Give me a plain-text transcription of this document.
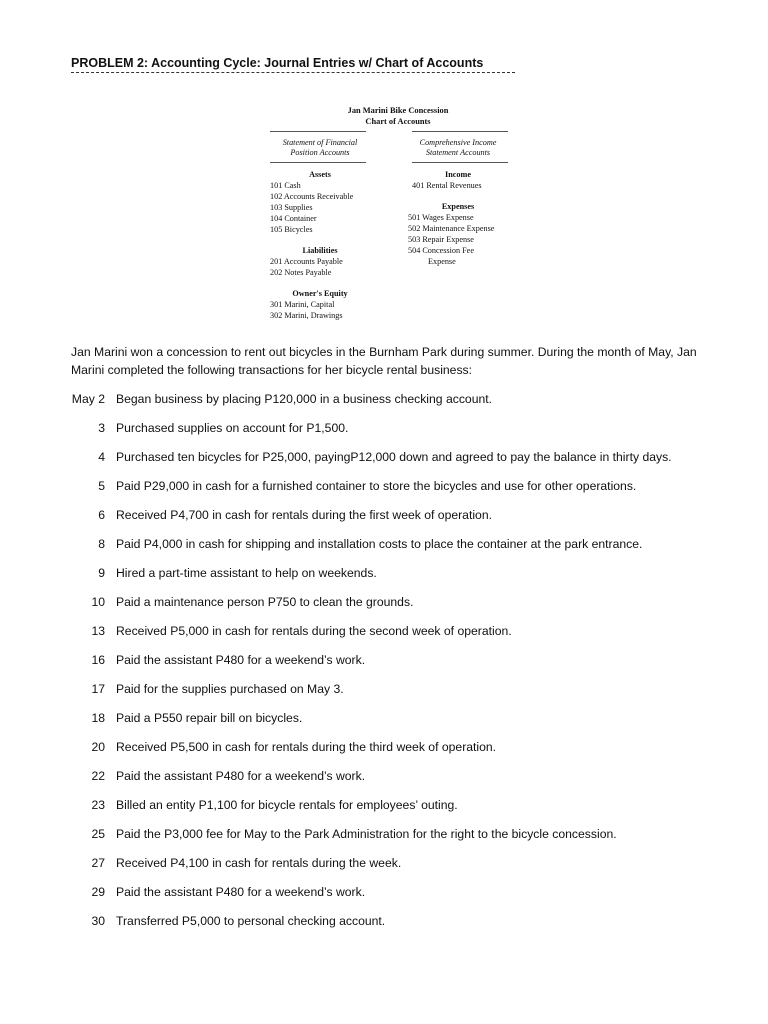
PROBLEM 2: Accounting Cycle: Journal Entries w/ Chart of Accounts
Jan Marini Bike Concession
Chart of Accounts
Statement of Financial
Position Accounts
Assets
101 Cash
102 Accounts Receivable
103 Supplies
104 Container
105 Bicycles
Liabilities
201 Accounts Payable
202 Notes Payable
Owner's Equity
301 Marini, Capital
302 Marini, Drawings
Comprehensive Income
Statement Accounts
Income
401 Rental Revenues
Expenses
501 Wages Expense
502 Maintenance Expense
503 Repair Expense
504 Concession Fee
Expense
Jan Marini won a concession to rent out bicycles in the Burnham Park during summer. During the month of May, Jan Marini completed the following transactions for her bicycle rental business:
May 2 Began business by placing P120,000 in a business checking account.
3 Purchased supplies on account for P1,500.
4 Purchased ten bicycles for P25,000, payingP12,000 down and agreed to pay the balance in thirty days.
5 Paid P29,000 in cash for a furnished container to store the bicycles and use for other operations.
6 Received P4,700 in cash for rentals during the first week of operation.
8 Paid P4,000 in cash for shipping and installation costs to place the container at the park entrance.
9 Hired a part-time assistant to help on weekends.
10 Paid a maintenance person P750 to clean the grounds.
13 Received P5,000 in cash for rentals during the second week of operation.
16 Paid the assistant P480 for a weekend’s work.
17 Paid for the supplies purchased on May 3.
18 Paid a P550 repair bill on bicycles.
20 Received P5,500 in cash for rentals during the third week of operation.
22 Paid the assistant P480 for a weekend’s work.
23 Billed an entity P1,100 for bicycle rentals for employees’ outing.
25 Paid the P3,000 fee for May to the Park Administration for the right to the bicycle concession.
27 Received P4,100 in cash for rentals during the week.
29 Paid the assistant P480 for a weekend’s work.
30 Transferred P5,000 to personal checking account.
